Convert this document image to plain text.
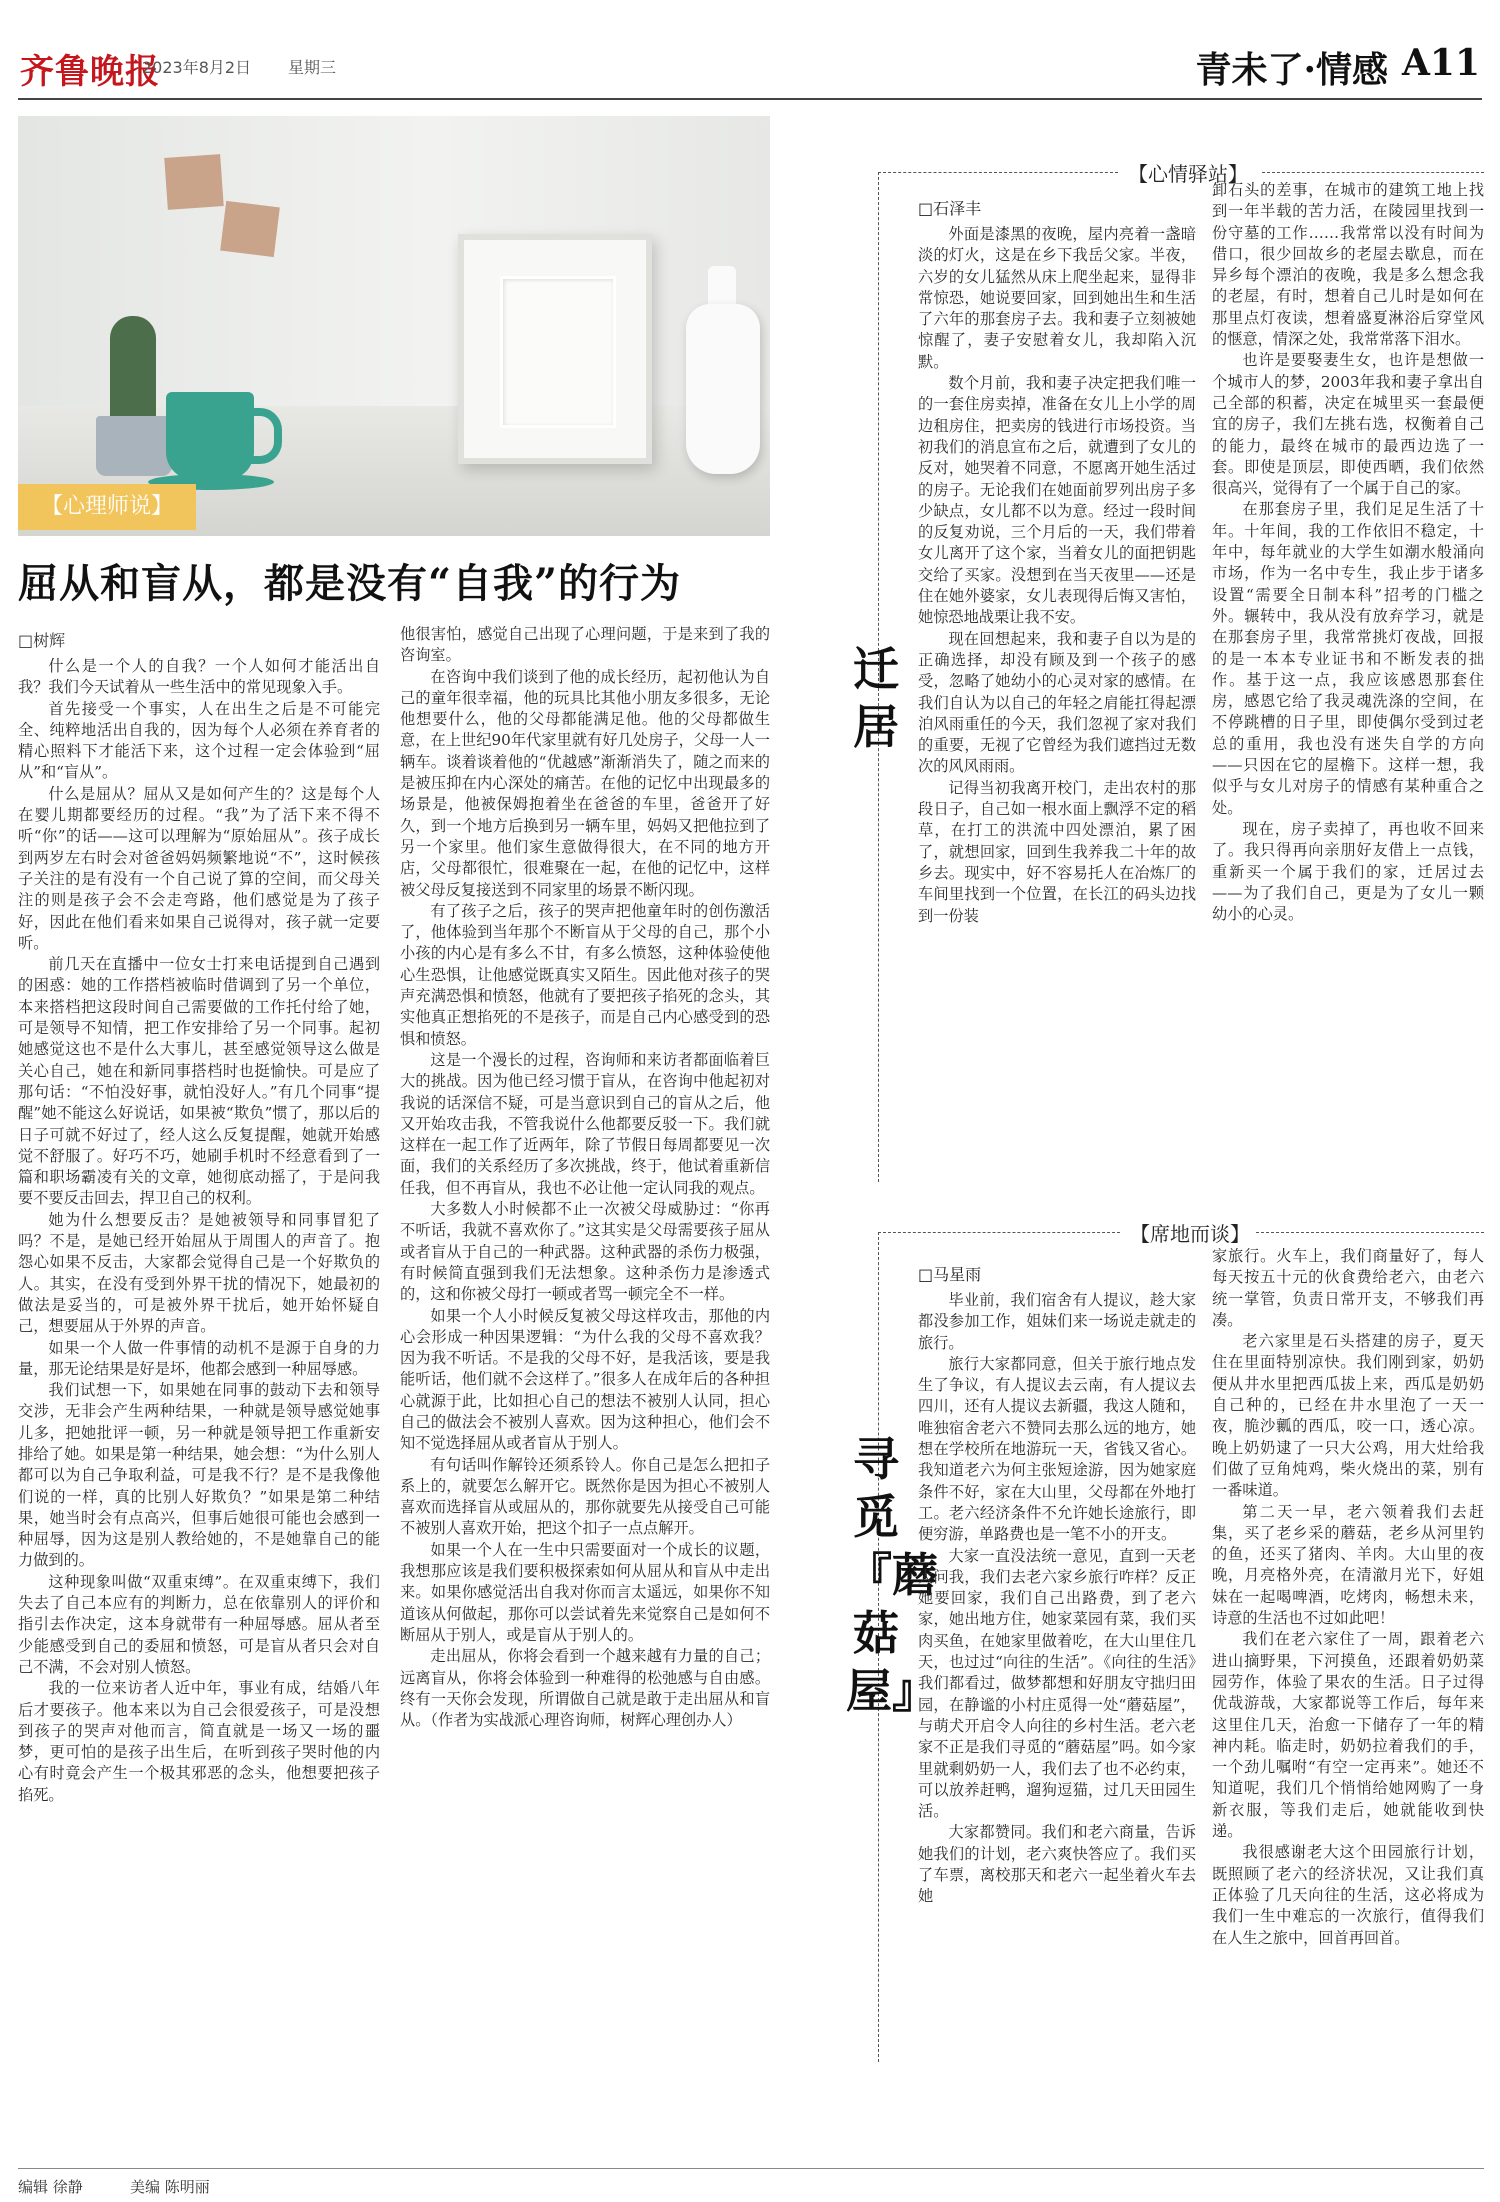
齐鲁晚报
2023年8月2日 星期三	青未了·情感 A11
【心理师说】
屈从和盲从，都是没有“自我”的行为
□树辉

什么是一个人的自我？一个人如何才能活出自我？我们今天试着从一些生活中的常见现象入手。

首先接受一个事实，人在出生之后是不可能完全、纯粹地活出自我的，因为每个人必须在养育者的精心照料下才能活下来，这个过程一定会体验到“屈从”和“盲从”。

什么是屈从？屈从又是如何产生的？这是每个人在婴儿期都要经历的过程。“我”为了活下来不得不听“你”的话——这可以理解为“原始屈从”。孩子成长到两岁左右时会对爸爸妈妈频繁地说“不”，这时候孩子关注的是有没有一个自己说了算的空间，而父母关注的则是孩子会不会走弯路，他们感觉是为了孩子好，因此在他们看来如果自己说得对，孩子就一定要听。

前几天在直播中一位女士打来电话提到自己遇到的困惑：她的工作搭档被临时借调到了另一个单位，本来搭档把这段时间自己需要做的工作托付给了她，可是领导不知情，把工作安排给了另一个同事。起初她感觉这也不是什么大事儿，甚至感觉领导这么做是关心自己，她在和新同事搭档时也挺愉快。可是应了那句话：“不怕没好事，就怕没好人。”有几个同事“提醒”她不能这么好说话，如果被“欺负”惯了，那以后的日子可就不好过了，经人这么反复提醒，她就开始感觉不舒服了。好巧不巧，她刷手机时不经意看到了一篇和职场霸凌有关的文章，她彻底动摇了，于是问我要不要反击回去，捍卫自己的权利。

她为什么想要反击？是她被领导和同事冒犯了吗？不是，是她已经开始屈从于周围人的声音了。抱怨心如果不反击，大家都会觉得自己是一个好欺负的人。其实，在没有受到外界干扰的情况下，她最初的做法是妥当的，可是被外界干扰后，她开始怀疑自己，想要屈从于外界的声音。

如果一个人做一件事情的动机不是源于自身的力量，那无论结果是好是坏，他都会感到一种屈辱感。

我们试想一下，如果她在同事的鼓动下去和领导交涉，无非会产生两种结果，一种就是领导感觉她事儿多，把她批评一顿，另一种就是领导把工作重新安排给了她。如果是第一种结果，她会想：“为什么别人都可以为自己争取利益，可是我不行？是不是我像他们说的一样，真的比别人好欺负？”如果是第二种结果，她当时会有点高兴，但事后她很可能也会感到一种屈辱，因为这是别人教给她的，不是她靠自己的能力做到的。

这种现象叫做“双重束缚”。在双重束缚下，我们失去了自己本应有的判断力，总在依靠别人的评价和指引去作决定，这本身就带有一种屈辱感。屈从者至少能感受到自己的委屈和愤怒，可是盲从者只会对自己不满，不会对别人愤怒。

我的一位来访者人近中年，事业有成，结婚八年后才要孩子。他本来以为自己会很爱孩子，可是没想到孩子的哭声对他而言，简直就是一场又一场的噩梦，更可怕的是孩子出生后，在听到孩子哭时他的内心有时竟会产生一个极其邪恶的念头，他想要把孩子掐死。

他很害怕，感觉自己出现了心理问题，于是来到了我的咨询室。

在咨询中我们谈到了他的成长经历，起初他认为自己的童年很幸福，他的玩具比其他小朋友多很多，无论他想要什么，他的父母都能满足他。他的父母都做生意，在上世纪90年代家里就有好几处房子，父母一人一辆车。谈着谈着他的“优越感”渐渐消失了，随之而来的是被压抑在内心深处的痛苦。在他的记忆中出现最多的场景是，他被保姆抱着坐在爸爸的车里，爸爸开了好久，到一个地方后换到另一辆车里，妈妈又把他拉到了另一个家里。他们家生意做得很大，在不同的地方开店，父母都很忙，很难聚在一起，在他的记忆中，这样被父母反复接送到不同家里的场景不断闪现。

有了孩子之后，孩子的哭声把他童年时的创伤激活了，他体验到当年那个不断盲从于父母的自己，那个小小孩的内心是有多么不甘，有多么愤怒，这种体验使他心生恐惧，让他感觉既真实又陌生。因此他对孩子的哭声充满恐惧和愤怒，他就有了要把孩子掐死的念头，其实他真正想掐死的不是孩子，而是自己内心感受到的恐惧和愤怒。

这是一个漫长的过程，咨询师和来访者都面临着巨大的挑战。因为他已经习惯于盲从，在咨询中他起初对我说的话深信不疑，可是当意识到自己的盲从之后，他又开始攻击我，不管我说什么他都要反驳一下。我们就这样在一起工作了近两年，除了节假日每周都要见一次面，我们的关系经历了多次挑战，终于，他试着重新信任我，但不再盲从，我也不必让他一定认同我的观点。

大多数人小时候都不止一次被父母威胁过：“你再不听话，我就不喜欢你了。”这其实是父母需要孩子屈从或者盲从于自己的一种武器。这种武器的杀伤力极强，有时候简直强到我们无法想象。这种杀伤力是渗透式的，这和你被父母打一顿或者骂一顿完全不一样。

如果一个人小时候反复被父母这样攻击，那他的内心会形成一种因果逻辑：“为什么我的父母不喜欢我？因为我不听话。不是我的父母不好，是我活该，要是我能听话，他们就不会这样了。”很多人在成年后的各种担心就源于此，比如担心自己的想法不被别人认同，担心自己的做法会不被别人喜欢。因为这种担心，他们会不知不觉选择屈从或者盲从于别人。

有句话叫作解铃还须系铃人。你自己是怎么把扣子系上的，就要怎么解开它。既然你是因为担心不被别人喜欢而选择盲从或屈从的，那你就要先从接受自己可能不被别人喜欢开始，把这个扣子一点点解开。

如果一个人在一生中只需要面对一个成长的议题，我想那应该是我们要积极探索如何从屈从和盲从中走出来。如果你感觉活出自我对你而言太遥远，如果你不知道该从何做起，那你可以尝试着先来觉察自己是如何不断屈从于别人，或是盲从于别人的。

走出屈从，你将会看到一个越来越有力量的自己；远离盲从，你将会体验到一种难得的松弛感与自由感。终有一天你会发现，所谓做自己就是敢于走出屈从和盲从。（作者为实战派心理咨询师，树辉心理创办人）

【心情驿站】
迁居
□石泽丰

外面是漆黑的夜晚，屋内亮着一盏暗淡的灯火，这是在乡下我岳父家。半夜，六岁的女儿猛然从床上爬坐起来，显得非常惊恐，她说要回家，回到她出生和生活了六年的那套房子去。我和妻子立刻被她惊醒了，妻子安慰着女儿，我却陷入沉默。

数个月前，我和妻子决定把我们唯一的一套住房卖掉，准备在女儿上小学的周边租房住，把卖房的钱进行市场投资。当初我们的消息宣布之后，就遭到了女儿的反对，她哭着不同意，不愿离开她生活过的房子。无论我们在她面前罗列出房子多少缺点，女儿都不以为意。经过一段时间的反复劝说，三个月后的一天，我们带着女儿离开了这个家，当着女儿的面把钥匙交给了买家。没想到在当天夜里——还是住在她外婆家，女儿表现得后悔又害怕，她惊恐地战栗让我不安。

现在回想起来，我和妻子自以为是的正确选择，却没有顾及到一个孩子的感受，忽略了她幼小的心灵对家的感情。在我们自认为以自己的年轻之肩能扛得起漂泊风雨重任的今天，我们忽视了家对我们的重要，无视了它曾经为我们遮挡过无数次的风风雨雨。

记得当初我离开校门，走出农村的那段日子，自己如一根水面上飘浮不定的稻草，在打工的洪流中四处漂泊，累了困了，就想回家，回到生我养我二十年的故乡去。现实中，好不容易托人在冶炼厂的车间里找到一个位置，在长江的码头边找到一份装

卸石头的差事，在城市的建筑工地上找到一年半载的苦力活，在陵园里找到一份守墓的工作……我常常以没有时间为借口，很少回故乡的老屋去歇息，而在异乡每个漂泊的夜晚，我是多么想念我的老屋，有时，想着自己儿时是如何在那里点灯夜读，想着盛夏淋浴后穿堂风的惬意，情深之处，我常常落下泪水。

也许是要娶妻生女，也许是想做一个城市人的梦，2003年我和妻子拿出自己全部的积蓄，决定在城里买一套最便宜的房子，我们左挑右选，权衡着自己的能力，最终在城市的最西边选了一套。即使是顶层，即使西晒，我们依然很高兴，觉得有了一个属于自己的家。

在那套房子里，我们足足生活了十年。十年间，我的工作依旧不稳定，十年中，每年就业的大学生如潮水般涌向市场，作为一名中专生，我止步于诸多设置“需要全日制本科”招考的门槛之外。辗转中，我从没有放弃学习，就是在那套房子里，我常常挑灯夜战，回报的是一本本专业证书和不断发表的拙作。基于这一点，我应该感恩那套住房，感恩它给了我灵魂洗涤的空间，在不停跳槽的日子里，即使偶尔受到过老总的重用，我也没有迷失自学的方向——只因在它的屋檐下。这样一想，我似乎与女儿对房子的情感有某种重合之处。

现在，房子卖掉了，再也收不回来了。我只得再向亲朋好友借上一点钱，重新买一个属于我们的家，迁居过去——为了我们自己，更是为了女儿一颗幼小的心灵。

【席地而谈】
寻觅『蘑菇屋』
□马星雨

毕业前，我们宿舍有人提议，趁大家都没参加工作，姐妹们来一场说走就走的旅行。

旅行大家都同意，但关于旅行地点发生了争议，有人提议去云南，有人提议去四川，还有人提议去新疆，我这人随和，唯独宿舍老六不赞同去那么远的地方，她想在学校所在地游玩一天，省钱又省心。我知道老六为何主张短途游，因为她家庭条件不好，家在大山里，父母都在外地打工。老六经济条件不允许她长途旅行，即便穷游，单路费也是一笔不小的开支。

大家一直没法统一意见，直到一天老大问我，我们去老六家乡旅行咋样？反正她要回家，我们自己出路费，到了老六家，她出地方住，她家菜园有菜，我们买肉买鱼，在她家里做着吃，在大山里住几天，也过过“向往的生活”。《向往的生活》我们都看过，做梦都想和好朋友守拙归田园，在静谧的小村庄觅得一处“蘑菇屋”，与萌犬开启令人向往的乡村生活。老六老家不正是我们寻觅的“蘑菇屋”吗。如今家里就剩奶奶一人，我们去了也不必约束，可以放养赶鸭，遛狗逗猫，过几天田园生活。

大家都赞同。我们和老六商量，告诉她我们的计划，老六爽快答应了。我们买了车票，离校那天和老六一起坐着火车去她

家旅行。火车上，我们商量好了，每人每天按五十元的伙食费给老六，由老六统一掌管，负责日常开支，不够我们再凑。

老六家里是石头搭建的房子，夏天住在里面特别凉快。我们刚到家，奶奶便从井水里把西瓜拔上来，西瓜是奶奶自己种的，已经在井水里泡了一天一夜，脆沙瓤的西瓜，咬一口，透心凉。晚上奶奶逮了一只大公鸡，用大灶给我们做了豆角炖鸡，柴火烧出的菜，别有一番味道。

第二天一早，老六领着我们去赶集，买了老乡采的蘑菇，老乡从河里钓的鱼，还买了猪肉、羊肉。大山里的夜晚，月亮格外亮，在清澈月光下，好姐妹在一起喝啤酒，吃烤肉，畅想未来，诗意的生活也不过如此吧！

我们在老六家住了一周，跟着老六进山摘野果，下河摸鱼，还跟着奶奶菜园劳作，体验了果农的生活。日子过得优哉游哉，大家都说等工作后，每年来这里住几天，治愈一下储存了一年的精神内耗。临走时，奶奶拉着我们的手，一个劲儿嘱咐“有空一定再来”。她还不知道呢，我们几个悄悄给她网购了一身新衣服，等我们走后，她就能收到快递。

我很感谢老大这个田园旅行计划，既照顾了老六的经济状况，又让我们真正体验了几天向往的生活，这必将成为我们一生中难忘的一次旅行，值得我们在人生之旅中，回首再回首。

编辑 徐静	美编 陈明丽
